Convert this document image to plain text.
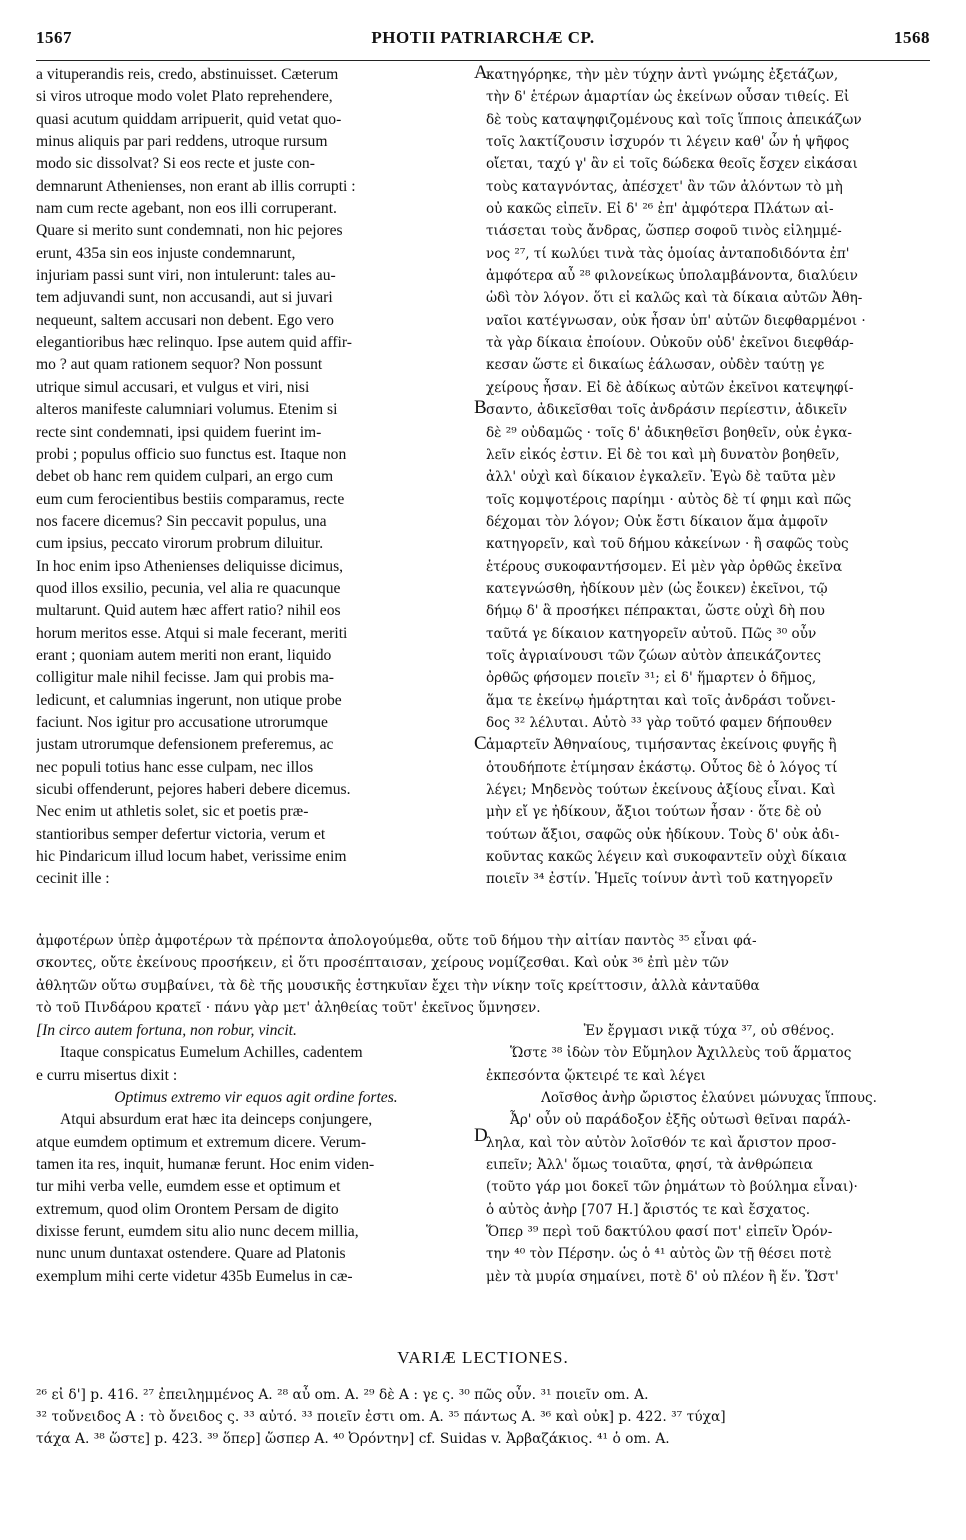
1567	PHOTII PATRIARCHÆ CP.	1568
A
B
C
D

a vituperandis reis, credo, abstinuisset. Cæterum

si viros utroque modo volet Plato reprehendere,

quasi acutum quiddam arripuerit, quid vetat quo-

minus aliquis par pari reddens, utroque rursum

modo sic dissolvat? Si eos recte et juste con-

demnarunt Athenienses, non erant ab illis corrupti :

nam cum recte agebant, non eos illi corruperant.

Quare si merito sunt condemnati, non hic pejores

erunt, 435a sin eos injuste condemnarunt,

injuriam passi sunt viri, non intulerunt: tales au-

tem adjuvandi sunt, non accusandi, aut si juvari

nequeunt, saltem accusari non debent. Ego vero

elegantioribus hæc relinquo. Ipse autem quid affir-

mo ? aut quam rationem sequor? Non possunt

utrique simul accusari, et vulgus et viri, nisi

alteros manifeste calumniari volumus. Etenim si

recte sint condemnati, ipsi quidem fuerint im-

probi ; populus officio suo functus est. Itaque non

debet ob hanc rem quidem culpari, an ergo cum

eum cum ferocientibus bestiis comparamus, recte

nos facere dicemus? Sin peccavit populus, una

cum ipsius, peccato virorum probrum diluitur.

In hoc enim ipso Athenienses deliquisse dicimus,

quod illos exsilio, pecunia, vel alia re quacunque

multarunt. Quid autem hæc affert ratio? nihil eos

horum meritos esse. Atqui si male fecerant, meriti

erant ; quoniam autem meriti non erant, liquido

colligitur male nihil fecisse. Jam qui probis ma-

ledicunt, et calumnias ingerunt, non utique probe

faciunt. Nos igitur pro accusatione utrorumque

justam utrorumque defensionem preferemus, ac

nec populi totius hanc esse culpam, nec illos

sicubi offenderunt, pejores haberi debere dicemus.

Nec enim ut athletis solet, sic et poetis præ-

stantioribus semper defertur victoria, verum et

hic Pindaricum illud locum habet, verissime enim

cecinit ille :

κατηγόρηκε, τὴν μὲν τύχην ἀντὶ γνώμης ἐξετάζων,

τὴν δ' ἑτέρων ἁμαρτίαν ὡς ἐκείνων οὖσαν τιθείς. Εἰ

δὲ τοὺς καταψηφιζομένους καὶ τοῖς ἵπποις ἀπεικάζων

τοῖς λακτίζουσιν ἰσχυρόν τι λέγειν καθ' ὧν ἡ ψῆφος

οἴεται, ταχύ γ' ἂν εἰ τοῖς δώδεκα θεοῖς ἔσχεν εἰκάσαι

τοὺς καταγνόντας, ἀπέσχετ' ἂν τῶν ἀλόντων τὸ μὴ

οὐ κακῶς εἰπεῖν. Εἰ δ' ²⁶ ἐπ' ἀμφότερα Πλάτων αἰ-

τιάσεται τοὺς ἄνδρας, ὥσπερ σοφοῦ τινὸς εἰλημμέ-

νος ²⁷, τί κωλύει τινὰ τὰς ὁμοίας ἀνταποδιδόντα ἐπ'

ἀμφότερα αὖ ²⁸ φιλονείκως ὑπολαμβάνοντα, διαλύειν

ὡδὶ τὸν λόγον. ὅτι εἰ καλῶς καὶ τὰ δίκαια αὐτῶν Ἀθη-

ναῖοι κατέγνωσαν, οὐκ ἦσαν ὑπ' αὐτῶν διεφθαρμένοι ·

τὰ γὰρ δίκαια ἐποίουν. Οὐκοῦν οὐδ' ἐκεῖνοι διεφθάρ-

κεσαν ὥστε εἰ δικαίως ἑάλωσαν, οὐδὲν ταύτῃ γε

χείρους ἦσαν. Εἰ δὲ ἀδίκως αὐτῶν ἐκεῖνοι κατεψηφί-

σαντο, ἀδικεῖσθαι τοῖς ἀνδράσιν περίεστιν, ἀδικεῖν

δὲ ²⁹ οὐδαμῶς · τοῖς δ' ἀδικηθεῖσι βοηθεῖν, οὐκ ἐγκα-

λεῖν εἰκός ἐστιν. Εἰ δὲ τοι καὶ μὴ δυνατὸν βοηθεῖν,

ἀλλ' οὐχὶ καὶ δίκαιον ἐγκαλεῖν. Ἐγὼ δὲ ταῦτα μὲν

τοῖς κομψοτέροις παρίημι · αὐτὸς δὲ τί φημι καὶ πῶς

δέχομαι τὸν λόγον; Οὐκ ἔστι δίκαιον ἅμα ἀμφοῖν

κατηγορεῖν, καὶ τοῦ δήμου κἀκείνων · ἢ σαφῶς τοὺς

ἑτέρους συκοφαντήσομεν. Εἰ μὲν γὰρ ὀρθῶς ἐκεῖνα

κατεγνώσθη, ἠδίκουν μὲν (ὡς ἔοικεν) ἐκεῖνοι, τῷ

δήμῳ δ' ἃ προσήκει πέπρακται, ὥστε οὐχὶ δὴ που

ταῦτά γε δίκαιον κατηγορεῖν αὐτοῦ. Πῶς ³⁰ οὖν

τοῖς ἀγριαίνουσι τῶν ζώων αὐτὸν ἀπεικάζοντες

ὀρθῶς φήσομεν ποιεῖν ³¹; εἰ δ' ἥμαρτεν ὁ δῆμος,

ἅμα τε ἐκείνῳ ἡμάρτηται καὶ τοῖς ἀνδράσι τοὔνει-

δος ³² λέλυται. Αὐτὸ ³³ γὰρ τοῦτό φαμεν δήπουθεν

ἁμαρτεῖν Ἀθηναίους, τιμήσαντας ἐκείνοις φυγῆς ἢ

ὁτουδήποτε ἐτίμησαν ἑκάστῳ. Οὗτος δὲ ὁ λόγος τί

λέγει; Μηδενὸς τούτων ἐκείνους ἀξίους εἶναι. Καὶ

μὴν εἴ γε ἠδίκουν, ἄξιοι τούτων ἦσαν · ὅτε δὲ οὐ

τούτων ἄξιοι, σαφῶς οὐκ ἠδίκουν. Τοὺς δ' οὐκ ἀδι-

κοῦντας κακῶς λέγειν καὶ συκοφαντεῖν οὐχὶ δίκαια

ποιεῖν ³⁴ ἐστίν. Ἡμεῖς τοίνυν ἀντὶ τοῦ κατηγορεῖν

ἀμφοτέρων ὑπὲρ ἀμφοτέρων τὰ πρέποντα ἀπολογούμεθα, οὔτε τοῦ δήμου τὴν αἰτίαν παντὸς ³⁵ εἶναι φά-

σκοντες, οὔτε ἐκείνους προσήκειν, εἰ ὅτι προσέπταισαν, χείρους νομίζεσθαι. Καὶ οὐκ ³⁶ ἐπὶ μὲν τῶν

ἀθλητῶν οὕτω συμβαίνει, τὰ δὲ τῆς μουσικῆς ἑστηκυῖαν ἔχει τὴν νίκην τοῖς κρείττοσιν, ἀλλὰ κἀνταῦθα

τὸ τοῦ Πινδάρου κρατεῖ · πάνυ γὰρ μετ' ἀληθείας τοῦτ' ἐκεῖνος ὕμνησεν.

[In circo autem fortuna, non robur, vincit.

Itaque conspicatus Eumelum Achilles, cadentem

e curru misertus dixit :

Optimus extremo vir equos agit ordine fortes.

Atqui absurdum erat hæc ita deinceps conjungere,

atque eumdem optimum et extremum dicere. Verum-

tamen ita res, inquit, humanæ ferunt. Hoc enim viden-

tur mihi verba velle, eumdem esse et optimum et

extremum, quod olim Orontem Persam de digito

dixisse ferunt, eumdem situ alio nunc decem millia,

nunc unum duntaxat ostendere. Quare ad Platonis

exemplum mihi certe videtur 435b Eumelus in cæ-

Ἐν ἔργμασι νικᾷ τύχα ³⁷, οὐ σθένος.

Ὥστε ³⁸ ἰδὼν τὸν Εὔμηλον Ἀχιλλεὺς τοῦ ἅρματος

ἐκπεσόντα ᾤκτειρέ τε καὶ λέγει

Λοῖσθος ἀνὴρ ὤριστος ἐλαύνει μώνυχας ἵππους.

Ἆρ' οὖν οὐ παράδοξον ἐξῆς οὑτωσὶ θεῖναι παράλ-

ληλα, καὶ τὸν αὐτὸν λοῖσθόν τε καὶ ἄριστον προσ-

ειπεῖν; Ἀλλ' ὅμως τοιαῦτα, φησί, τὰ ἀνθρώπεια

(τοῦτο γάρ μοι δοκεῖ τῶν ῥημάτων τὸ βούλημα εἶναι)·

ὁ αὐτὸς ἀνὴρ [707 H.] ἄριστός τε καὶ ἔσχατος.

Ὅπερ ³⁹ περὶ τοῦ δακτύλου φασί ποτ' εἰπεῖν Ὀρόν-

την ⁴⁰ τὸν Πέρσην. ὡς ὁ ⁴¹ αὐτὸς ὢν τῇ θέσει ποτὲ

μὲν τὰ μυρία σημαίνει, ποτὲ δ' οὐ πλέον ἢ ἕν. Ὥστ'

VARIÆ LECTIONES.

²⁶ εἰ δ'] p. 416. ²⁷ ἐπειλημμένος A. ²⁸ αὖ om. A. ²⁹ δὲ A : γε ς. ³⁰ πῶς οὖν. ³¹ ποιεῖν om. A.

³² τοὔνειδος A : τὸ ὄνειδος ς. ³³ αὐτό. ³³ ποιεῖν ἐστι om. A. ³⁵ πάντως A. ³⁶ καὶ οὐκ] p. 422. ³⁷ τύχα]

τάχα A. ³⁸ ὥστε] p. 423. ³⁹ ὅπερ] ὥσπερ A. ⁴⁰ Ὀρόντην] cf. Suidas v. Ἀρβαζάκιος. ⁴¹ ὁ om. A.
